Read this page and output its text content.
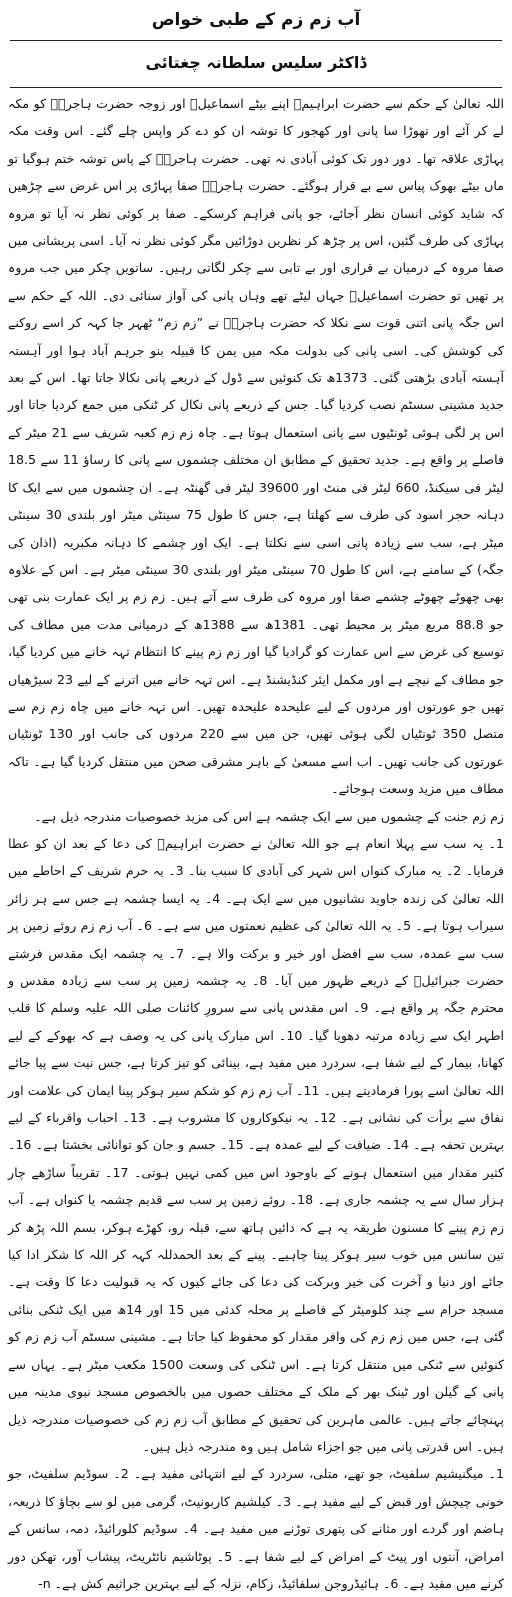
آب زم زم کے طبی خواص
ڈاکٹر سلیس سلطانہ چغتائی

اللہ تعالیٰ کے حکم سے حضرت ابراہیمؑ اپنے بیٹے اسماعیلؑ اور زوجہ حضرت ہاجرہؑ کو مکہ لے کر آئے اور تھوڑا سا پانی اور کھجور کا توشہ ان کو دے کر واپس چلے گئے۔ اس وقت مکہ پہاڑی علاقہ تھا۔ دور دور تک کوئی آبادی نہ تھی۔ حضرت ہاجرہؑ کے پاس توشہ ختم ہوگیا تو ماں بیٹے بھوک پیاس سے بے قرار ہوگئے۔ حضرت ہاجرہؑ صفا پہاڑی پر اس غرض سے چڑھیں کہ شاید کوئی انسان نظر آجائے، جو پانی فراہم کرسکے۔ صفا پر کوئی نظر نہ آیا تو مروہ پہاڑی کی طرف گئیں، اس پر چڑھ کر نظریں دوڑائیں مگر کوئی نظر نہ آیا۔ اسی پریشانی میں صفا مروہ کے درمیان بے قراری اور بے تابی سے چکر لگاتی رہیں۔ ساتویں چکر میں جب مروہ پر تھیں تو حضرت اسماعیلؑ جہاں لیٹے تھے وہاں پانی کی آواز سنائی دی۔ اللہ کے حکم سے اس جگہ پانی اتنی قوت سے نکلا کہ حضرت ہاجرہؑ نے ”زم زم“ ٹھہر جا کہہ کر اسے روکنے کی کوشش کی۔ اسی پانی کی بدولت مکہ میں یمن کا قبیلہ بنو جرہم آباد ہوا اور آہستہ آہستہ آبادی بڑھتی گئی۔ 1373ھ تک کنوئیں سے ڈول کے ذریعے پانی نکالا جاتا تھا۔ اس کے بعد جدید مشینی سسٹم نصب کردیا گیا۔ جس کے ذریعے پانی نکال کر ٹنکی میں جمع کردیا جاتا اور اس پر لگی ہوئی ٹونٹیوں سے پانی استعمال ہوتا ہے۔ چاہ زم زم کعبہ شریف سے 21 میٹر کے فاصلے پر واقع ہے۔ جدید تحقیق کے مطابق ان مختلف چشموں سے پانی کا رساؤ 11 سے 18.5 لیٹر فی سیکنڈ، 660 لیٹر فی منٹ اور 39600 لیٹر فی گھنٹہ ہے۔ ان چشموں میں سے ایک کا دہانہ حجر اسود کی طرف سے کھلتا ہے، جس کا طول 75 سینٹی میٹر اور بلندی 30 سینٹی میٹر ہے، سب سے زیادہ پانی اسی سے نکلتا ہے۔ ایک اور چشمے کا دہانہ مکبریہ (اذان کی جگہ) کے سامنے ہے، اس کا طول 70 سینٹی میٹر اور بلندی 30 سینٹی میٹر ہے۔ اس کے علاوہ بھی چھوٹے چھوٹے چشمے صفا اور مروہ کی طرف سے آتے ہیں۔ زم زم پر ایک عمارت بنی تھی جو 88.8 مربع میٹر پر محیط تھی۔ 1381ھ سے 1388ھ کے درمیانی مدت میں مطاف کی توسیع کی غرض سے اس عمارت کو گرادیا گیا اور زم زم پینے کا انتظام تہہ خانے میں کردیا گیا، جو مطاف کے نیچے ہے اور مکمل ایئر کنڈیشنڈ ہے۔ اس تہہ خانے میں اترنے کے لیے 23 سیڑھیاں تھیں جو عورتوں اور مردوں کے لیے علیحدہ علیحدہ تھیں۔ اس تہہ خانے میں چاہ زم زم سے متصل 350 ٹونٹیاں لگی ہوئی تھیں، جن میں سے 220 مردوں کی جانب اور 130 ٹونٹیاں عورتوں کی جانب تھیں۔ اب اسے مسعیٰ کے باہر مشرقی صحن میں منتقل کردیا گیا ہے۔ تاکہ مطاف میں مزید وسعت ہوجائے۔

زم زم جنت کے چشموں میں سے ایک چشمہ ہے اس کی مزید خصوصیات مندرجہ ذیل ہے۔

1۔ یہ سب سے پہلا انعام ہے جو اللہ تعالیٰ نے حضرت ابراہیمؑ کی دعا کے بعد ان کو عطا فرمایا۔ 2۔ یہ مبارک کنواں اس شہر کی آبادی کا سبب بنا۔ 3۔ یہ حرم شریف کے احاطے میں اللہ تعالیٰ کی زندہ جاوید نشانیوں میں سے ایک ہے۔ 4۔ یہ ایسا چشمہ ہے جس سے ہر زائر سیراب ہوتا ہے۔ 5۔ یہ اللہ تعالیٰ کی عظیم نعمتوں میں سے ہے۔ 6۔ آب زم زم روئے زمین پر سب سے عمدہ، سب سے افضل اور خیر و برکت والا ہے۔ 7۔ یہ چشمہ ایک مقدس فرشتے حضرت جبرائیلؑ کے ذریعے ظہور میں آیا۔ 8۔ یہ چشمہ زمین پر سب سے زیادہ مقدس و محترم جگہ پر واقع ہے۔ 9۔ اس مقدس پانی سے سرورِ کائنات صلی اللہ علیہ وسلم کا قلب اطہر ایک سے زیادہ مرتبہ دھویا گیا۔ 10۔ اس مبارک پانی کی یہ وصف ہے کہ بھوکے کے لیے کھانا، بیمار کے لیے شفا ہے، سردرد میں مفید ہے، بینائی کو تیز کرتا ہے، جس نیت سے پیا جائے اللہ تعالیٰ اسے پورا فرمادیتے ہیں۔ 11۔ آب زم زم کو شکم سیر ہوکر پینا ایمان کی علامت اور نفاق سے برأت کی نشانی ہے۔ 12۔ یہ نیکوکاروں کا مشروب ہے۔ 13۔ احباب واقرباء کے لیے بہترین تحفہ ہے۔ 14۔ ضیافت کے لیے عمدہ ہے۔ 15۔ جسم و جان کو توانائی بخشتا ہے۔ 16۔ کثیر مقدار میں استعمال ہونے کے باوجود اس میں کمی نہیں ہوتی۔ 17۔ تقریباً ساڑھے چار ہزار سال سے یہ چشمہ جاری ہے۔ 18۔ روئے زمین پر سب سے قدیم چشمہ یا کنواں ہے۔ آب زم زم پینے کا مسنون طریقہ یہ ہے کہ دائیں ہاتھ سے، قبلہ رو، کھڑے ہوکر، بسم اللہ پڑھ کر تین سانس میں خوب سیر ہوکر پینا چاہیے۔ پینے کے بعد الحمدللہ کہہ کر اللہ کا شکر ادا کیا جائے اور دنیا و آخرت کی خیر وبرکت کی دعا کی جائے کیوں کہ یہ قبولیت دعا کا وقت ہے۔ مسجد حرام سے چند کلومیٹر کے فاصلے پر محلہ کدئی میں 15 اور 14ھ میں ایک ٹنکی بنائی گئی ہے، جس میں زم زم کی وافر مقدار کو محفوظ کیا جاتا ہے۔ مشینی سسٹم آب زم زم کو کنوئیں سے ٹنکی میں منتقل کرتا ہے۔ اس ٹنکی کی وسعت 1500 مکعب میٹر ہے۔ یہاں سے پانی کے گیلن اور ٹینک بھر کے ملک کے مختلف حصوں میں بالخصوص مسجد نبوی مدینہ میں پہنچائے جاتے ہیں۔ عالمی ماہرین کی تحقیق کے مطابق آب زم زم کی خصوصیات مندرجہ ذیل ہیں۔ اس قدرتی پانی میں جو اجزاء شامل ہیں وہ مندرجہ ذیل ہیں۔

1۔ میگنیشیم سلفیٹ، جو تھے، متلی، سردرد کے لیے انتہائی مفید ہے۔ 2۔ سوڈیم سلفیٹ، جو خونی چیچش اور قبض کے لیے مفید ہے۔ 3۔ کیلشیم کاربونیٹ، گرمی میں لو سے بچاؤ کا ذریعہ، ہاضم اور گردے اور مثانے کی پتھری توڑنے میں مفید ہے۔ 4۔ سوڈیم کلورائیڈ، دمہ، سانس کے امراض، آنتوں اور پیٹ کے امراض کے لیے شفا ہے۔ 5۔ پوٹاشیم نائٹریٹ، پیشاب آور، تھکن دور کرنے میں مفید ہے۔ 6۔ ہائیڈروجن سلفائیڈ، زکام، نزلہ کے لیے بہترین جراثیم کش ہے۔ n-
